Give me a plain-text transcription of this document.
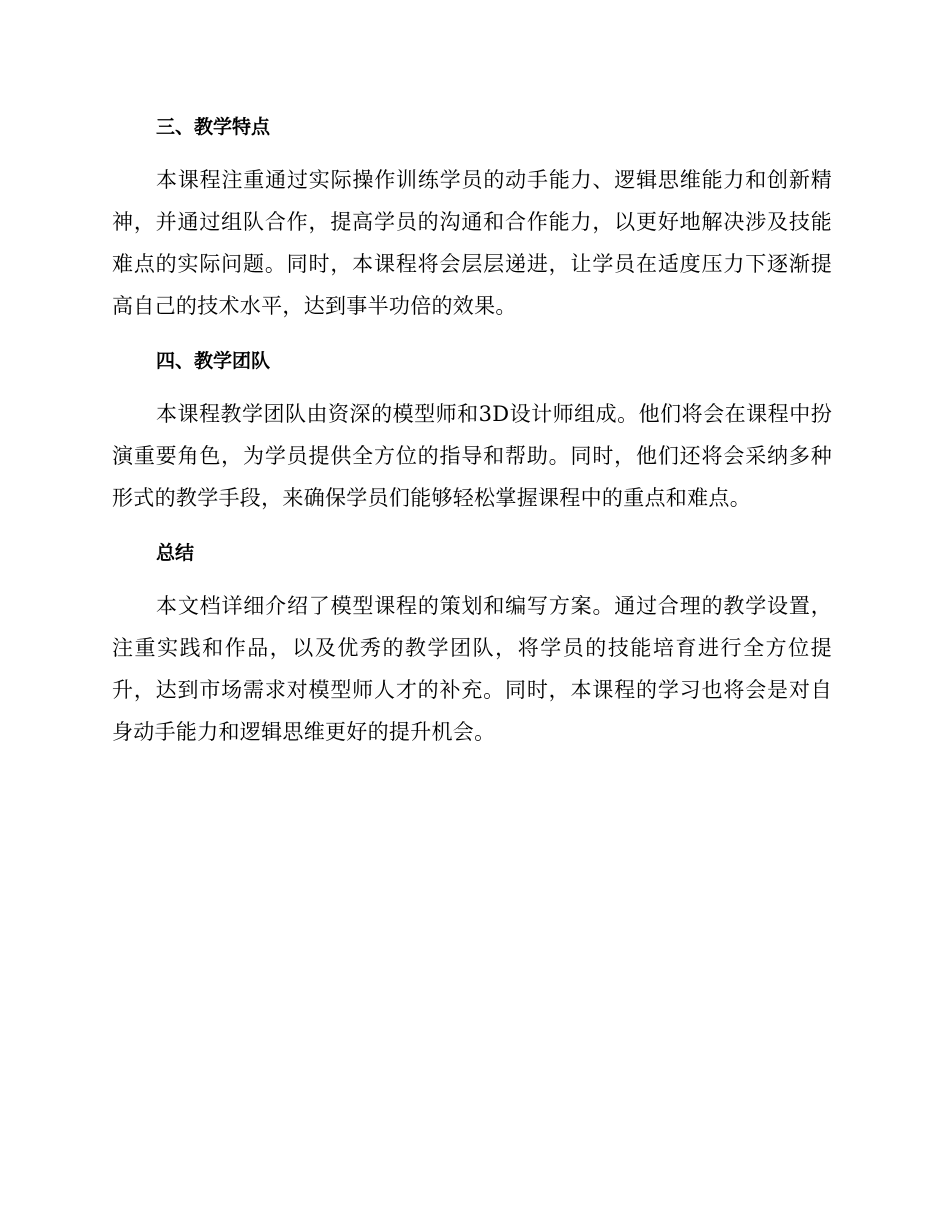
三、教学特点

本课程注重通过实际操作训练学员的动手能力、逻辑思维能力和创新精神，并通过组队合作，提高学员的沟通和合作能力，以更好地解决涉及技能难点的实际问题。同时，本课程将会层层递进，让学员在适度压力下逐渐提高自己的技术水平，达到事半功倍的效果。

四、教学团队

本课程教学团队由资深的模型师和3D设计师组成。他们将会在课程中扮演重要角色，为学员提供全方位的指导和帮助。同时，他们还将会采纳多种形式的教学手段，来确保学员们能够轻松掌握课程中的重点和难点。

总结

本文档详细介绍了模型课程的策划和编写方案。通过合理的教学设置，注重实践和作品，以及优秀的教学团队，将学员的技能培育进行全方位提升，达到市场需求对模型师人才的补充。同时，本课程的学习也将会是对自身动手能力和逻辑思维更好的提升机会。
